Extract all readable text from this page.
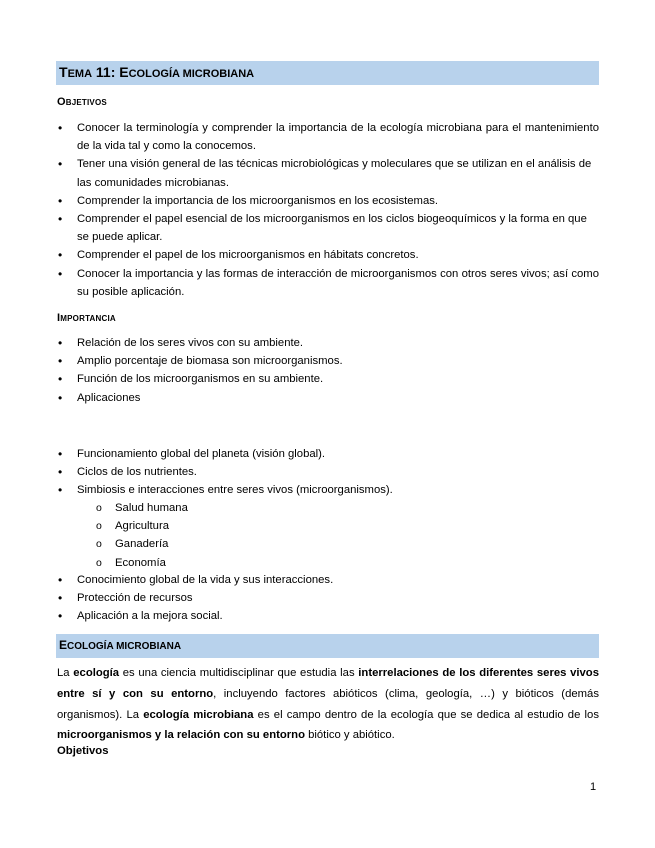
TEMA 11: ECOLOGÍA MICROBIANA
OBJETIVOS
• Conocer la terminología y comprender la importancia de la ecología microbiana para el mantenimiento de la vida tal y como la conocemos.
• Tener una visión general de las técnicas microbiológicas y moleculares que se utilizan en el análisis de las comunidades microbianas.
• Comprender la importancia de los microorganismos en los ecosistemas.
• Comprender el papel esencial de los microorganismos en los ciclos biogeoquímicos y la forma en que se puede aplicar.
• Comprender el papel de los microorganismos en hábitats concretos.
• Conocer la importancia y las formas de interacción de microorganismos con otros seres vivos; así como su posible aplicación.
IMPORTANCIA
• Relación de los seres vivos con su ambiente.
• Amplio porcentaje de biomasa son microorganismos.
• Función de los microorganismos en su ambiente.
• Aplicaciones
• Funcionamiento global del planeta (visión global).
• Ciclos de los nutrientes.
• Simbiosis e interacciones entre seres vivos (microorganismos).
o Salud humana
o Agricultura
o Ganadería
o Economía
• Conocimiento global de la vida y sus interacciones.
• Protección de recursos
• Aplicación a la mejora social.
ECOLOGÍA MICROBIANA

La ecología es una ciencia multidisciplinar que estudia las interrelaciones de los diferentes seres vivos entre sí y con su entorno, incluyendo factores abióticos (clima, geología, …) y bióticos (demás organismos). La ecología microbiana es el campo dentro de la ecología que se dedica al estudio de los microorganismos y la relación con su entorno biótico y abiótico.

Objetivos
1
